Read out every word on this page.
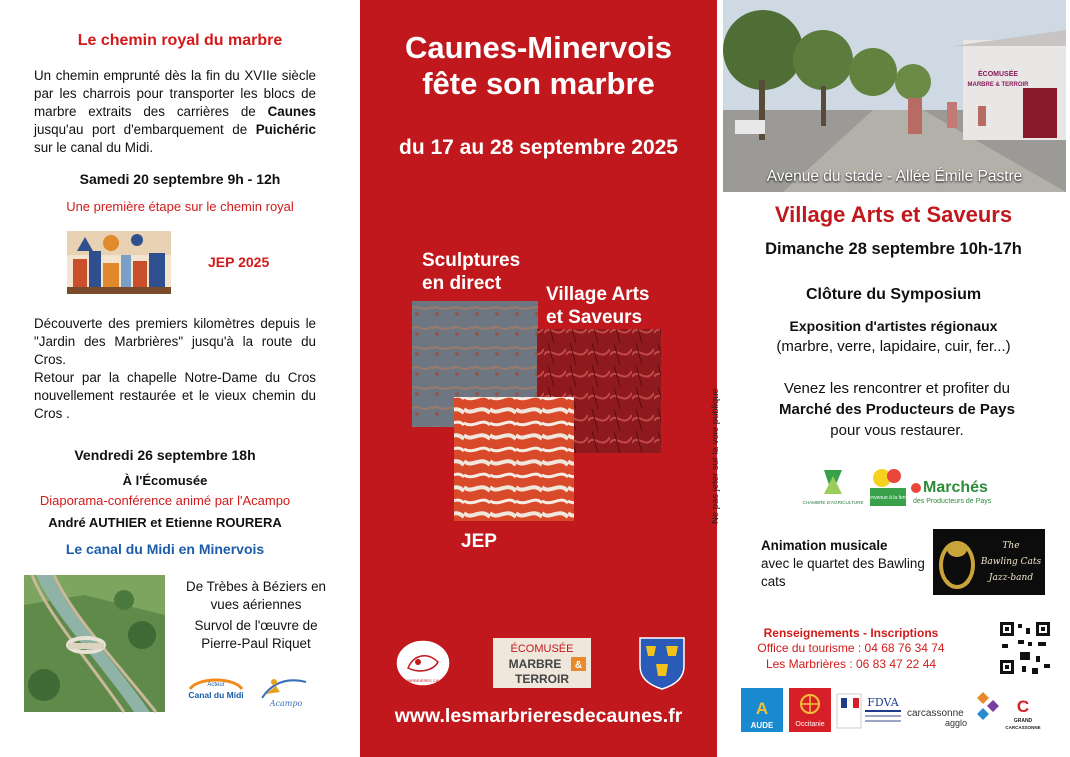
Le chemin royal du marbre

Un chemin emprunté dès la fin du XVIIe siècle par les charrois pour transporter les blocs de marbre extraits des carrières de Caunes jusqu'au port d'embarquement de Puichéric sur le canal du Midi.

Samedi 20 septembre 9h - 12h
Une première étape sur le chemin royal
JEP 2025

Découverte des premiers kilomètres depuis le "Jardin des Marbrières" jusqu'à la route du Cros.

Retour par la chapelle Notre-Dame du Cros nouvellement restaurée et le vieux chemin du Cros .

Vendredi 26 septembre 18h
À l'Écomusée
Diaporama-conférence animé par l'Acampo
André AUTHIER et Etienne ROURERA
Le canal du Midi en Minervois
De Trèbes à Béziers en vues aériennes
Survol de l'œuvre de Pierre-Paul Riquet
Acteur
Canal du Midi
Acampo
Caunes-Minervois
fête son marbre
du 17 au 28 septembre 2025
Sculptures
en direct
Village Arts
et Saveurs
JEP
LES MARBRIÈRES CAUNES
ÉCOMUSÉE
MARBRE &
TERROIR
www.lesmarbrieresdecaunes.fr
ÉCOMUSÉE
MARBRE & TERROIR
Avenue du stade - Allée Émile Pastre
Village Arts et Saveurs
Dimanche 28 septembre 10h-17h
Clôture du Symposium
Exposition d'artistes régionaux
(marbre, verre, lapidaire, cuir, fer...)
Venez les rencontrer et profiter du
Marché des Producteurs de Pays
pour vous restaurer.
CHAMBRE D'AGRICULTURE
bienvenue à la ferme
Marchés
des Producteurs de Pays
Animation musicale
avec le quartet des Bawling cats
The
Bawling Cats
Jazz-band
Renseignements - Inscriptions
Office du tourisme : 04 68 76 34 74
Les Marbrières : 06 83 47 22 44
A
AUDE	Occitanie
FDVA
carcassonne
agglo
C
GRAND
CARCASSONNE
Ne pas jeter sur la voie publique
